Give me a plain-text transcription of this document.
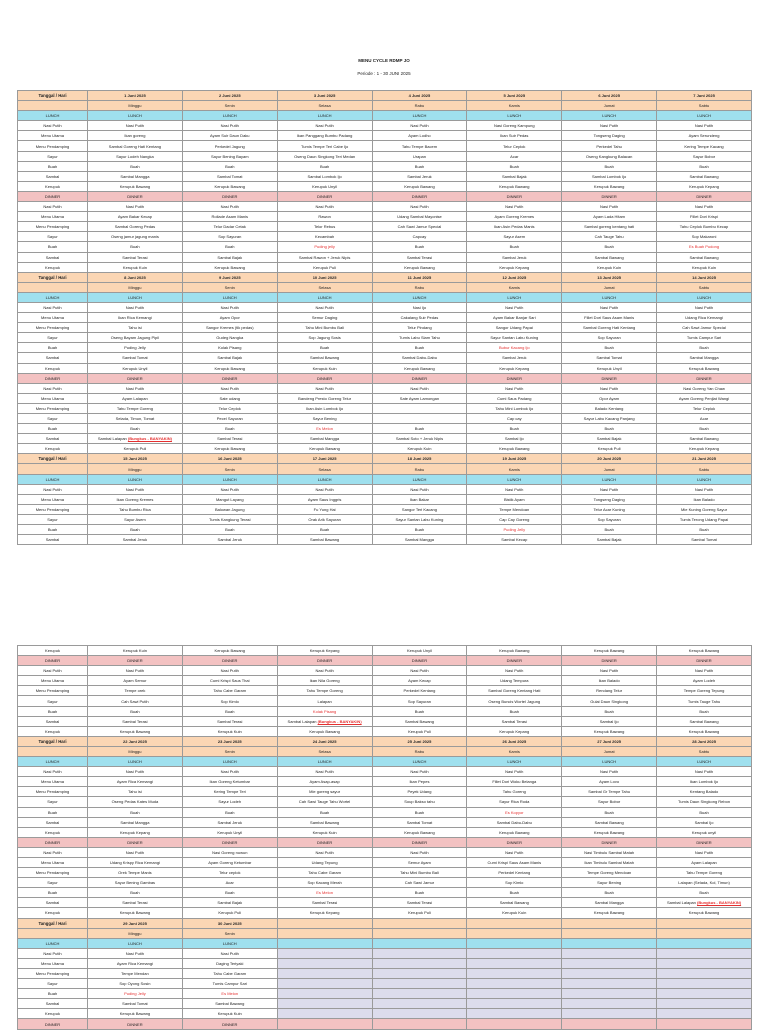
MENU CYCLE RDMP JO
Periode : 1 - 30 JUNI 2025
Tanggal / Hari	1 Juni 2025	2 Juni 2025	3 Juni 2025	4 Juni 2025	5 Juni 2025	6 Juni 2025	7 Juni 2025
	Minggu	Senin	Selasa	Rabu	Kamis	Jumat	Sabtu
LUNCH	LUNCH	LUNCH	LUNCH	LUNCH	LUNCH	LUNCH	LUNCH
Nasi Putih	Nasi Putih	Nasi Putih	Nasi Putih	Nasi Putih	Nasi Goreng Kampung	Nasi Putih	Nasi Putih
Menu Utama	Ikan goreng	Ayam Suir Daun Daku	Ikan Panggang Bumbu Padang	Ayam Lodho	Ikan Suir Pedas	Tongseng Daging	Ayam Serundeng
Menu Pendamping	Sambal Goreng Hati Kentang	Perkedel Jagung	Tumis Tempe Teri Cabe Ijo	Tahu Tempe Bacem	Telur Ceplok	Perkedel Tahu	Kering Tempe Kacang
Sayur	Sayur Lodeh Nangka	Sayur Bening Bayam	Oseng Daun Singkong Teri Medan	Urapan	Acar	Oseng Kangkung Balacan	Sayur Bobor
Buah	Buah	Buah	Buah	Buah	Buah	Buah	Buah
Sambal	Sambal Mangga	Sambal Tomat	Sambal Lombok Ijo	Sambal Jeruk	Sambal Bajak	Sambal Lombok Ijo	Sambal Bawang
Kerupuk	Kerupuk Bawang	Kerupuk Bawang	Kerupuk Unyil	Kerupuk Bawang	Kerupuk Bawang	Kerupuk Bawang	Kerupuk Kepang
DINNER	DINNER	DINNER	DINNER	DINNER	DINNER	DINNER	DINNER
Nasi Putih	Nasi Putih	Nasi Putih	Nasi Putih	Nasi Putih	Nasi Putih	Nasi Putih	Nasi Putih
Menu Utama	Ayam Bakar Kecap	Rollade Asam Manis	Rawon	Udang Sambal Mayonise	Ayam Goreng Kremes	Ayam Lada Hitam	Fillet Dori Krispi
Menu Pendamping	Sambal Goreng Pedas	Telur Dadar Cetak	Telor Rebus	Cah Sawi Jamur Special	Ikan Asin Pedas Manis	Sambal goreng kentang hati	Tahu Ceplok Bumbu Kecap
Sayur	Oseng jamur jagung manis	Sop Sayuran	Kecambah	Capcay	Sayur Asem	Cah Tauge Tahu	Sop Makaroni
Buah	Buah	Buah	Puding jelly	Buah	Buah	Buah	Es Buah Pudong
Sambal	Sambal Terasi	Sambal Bajak	Sambal Rawon + Jeruk Nipis	Sambal Terasi	Sambal Jeruk	Sambal Bawang	Sambal Bawang
Kerupuk	Kerupuk Kuin	Kerupuk Bawang	Kerupuk Puli	Kerupuk Bawang	Kerupuk Kepang	Kerupuk Kuin	Kerupuk Kuin
Tanggal / Hari	8 Juni 2025	9 Juni 2025	10 Juni 2025	11 Juni 2025	12 Juni 2025	13 Juni 2025	14 Juni 2025
	Minggu	Senin	Selasa	Rabu	Kamis	Jumat	Sabtu
LUNCH	LUNCH	LUNCH	LUNCH	LUNCH	LUNCH	LUNCH	LUNCH
Nasi Putih	Nasi Putih	Nasi Putih	Nasi Putih	Nasi Ijo	Nasi Putih	Nasi Putih	Nasi Putih
Menu Utama	Ikan Rica Kemangi	Ayam Opor	Semur Daging	Cakalang Suir Pedas	Ayam Bakar Banjar Sari	Fillet Dori Saus Asam Manis	Udang Rica Kemangi
Menu Pendamping	Tahu isi	Sangor Kremes (tlk pedas)	Tahu Mini Bumbu Bali	Telur Pindang	Sangor Udang Papai	Sambal Goreng Hati Kentang	Cah Sawi Jamur Special
Sayur	Oseng Bayam Jagung Pipil	Gudeg Nangka	Sop Jagung Sosis	Tumis Labu Siam Tahu	Sayur Santan Labu Kuning	Sop Sayuran	Tumis Campur Sari
Buah	Puding Jelly	Kolak Pisang	Buah	Buah	Bubur Kacang Ijo	Buah	Buah
Sambal	Sambal Tomat	Sambal Bajak	Sambal Bawang	Sambal Dabu-Dabu	Sambal Jeruk	Sambal Tomat	Sambal Mangga
Kerupuk	Kerupuk Unyil	Kerupuk Bawang	Kerupuk Kuin	Kerupuk Bawang	Kerupuk Kepang	Kerupuk Unyil	Kerupuk Bawang
DINNER	DINNER	DINNER	DINNER	DINNER	DINNER	DINNER	DINNER
Nasi Putih	Nasi Putih	Nasi Putih	Nasi Putih	Nasi Putih	Nasi Putih	Nasi Putih	Nasi Goreng Yan Chaw
Menu Utama	Ayam Lalapan	Sate udang	Bandeng Presto Goreng Telur	Sate Ayam Lamongan	Cumi Saus Padang	Opor Ayam	Ayam Goreng Penjlat Wangi
Menu Pendamping	Tahu Tempe Goreng	Telur Ceplok	Ikan Asin Lombok Ijo		Tahu Mini Lombok Ijo	Balado Kentang	Telur Ceplok
Sayur	Selada, Timun, Tomat	Pecel Sayuran	Sayur Bening		Cap cay	Sayur Labu Kacang Panjang	Acar
Buah	Buah	Buah	Es Melon	Buah	Buah	Buah	Buah
Sambal	Sambal Lalapan (Bungkus - BANYAKIN)	Sambal Terasi	Sambal Mangga	Sambal Soto + Jeruk Nipis	Sambal Ijo	Sambal Bajak	Sambal Bawang
Kerupuk	Kerupuk Puli	Kerupuk Bawang	Kerupuk Bawang	Kerupuk Kuin	Kerupuk Bawang	Kerupuk Puli	Kerupuk Kepang
Tanggal / Hari	15 Juni 2025	16 Juni 2025	17 Juni 2025	18 Juni 2025	19 Juni 2025	20 Juni 2025	21 Juni 2025
	Minggu	Senin	Selasa	Rabu	Kamis	Jumat	Sabtu
LUNCH	LUNCH	LUNCH	LUNCH	LUNCH	LUNCH	LUNCH	LUNCH
Nasi Putih	Nasi Putih	Nasi Putih	Nasi Putih	Nasi Putih	Nasi Putih	Nasi Putih	Nasi Putih
Menu Utama	Ikan Goreng Kremes	Mangut Layang	Ayam Saus Inggris	Ikan Bakar	Bistik Ayam	Tongseng Daging	Ikan Balado
Menu Pendamping	Tahu Bumbu Rica	Balowan Jagung	Fu Yung Hai	Sangor Teri Kacang	Tempe Mendoan	Telur Acar Kuning	Mie Kuning Goreng Sayur
Sayur	Sayur Asem	Tumis Kangkung Terasi	Orak Arik Sayuran	Sayur Santan Labu Kuning	Cap Cay Goreng	Sop Sayuran	Tumis Terong Udang Papai
Buah	Buah	Buah	Buah	Buah	Puding Jelly	Buah	Buah
Sambal	Sambal Jeruk	Sambal Jeruk	Sambal Bawang	Sambal Mangga	Sambal Kecap	Sambal Bajak	Sambal Tomat
Kerupuk	Kerupuk Kuin	Kerupuk Bawang	Kerupuk Kepang	Kerupuk Unyil	Kerupuk Bawang	Kerupuk Bawang	Kerupuk Bawang
DINNER	DINNER	DINNER	DINNER	DINNER	DINNER	DINNER	DINNER
Nasi Putih	Nasi Putih	Nasi Putih	Nasi Putih	Nasi Putih	Nasi Putih	Nasi Putih	Nasi Putih
Menu Utama	Ayam Semur	Cumi Krispi Saus Thai	Ikan Nila Goreng	Ayam Kecap	Udang Tempura	Ikan Balado	Ayam Lodeh
Menu Pendamping	Tempe orek	Tahu Cabe Garam	Tahu Tempe Goreng	Perkedel Kentang	Sambal Goreng Kentang Hati	Rendang Telur	Tempe Goreng Tepung
Sayur	Cah Sawi Putih	Sop Kimlo	Lalapan	Sop Sayuran	Oseng Buncis Wortel Jagung	Gulai Daun Singkong	Tumis Tauge Tahu
Buah	Buah	Buah	Kolak Pisang	Buah	Buah	Buah	Buah
Sambal	Sambal Terasi	Sambal Terasi	Sambal Lalapan (Bungkus - BANYAKIN)	Sambal Bawang	Sambal Terasi	Sambal Ijo	Sambal Bawang
Kerupuk	Kerupuk Bawang	Kerupuk Kuin	Kerupuk Bawang	Kerupuk Puli	Kerupuk Kepang	Kerupuk Bawang	Kerupuk Bawang
Tanggal / Hari	22 Juni 2025	23 Juni 2025	24 Juni 2025	25 Juni 2025	26 Juni 2025	27 Juni 2025	28 Juni 2025
	Minggu	Senin	Selasa	Rabu	Kamis	Jumat	Sabtu
LUNCH	LUNCH	LUNCH	LUNCH	LUNCH	LUNCH	LUNCH	LUNCH
Nasi Putih	Nasi Putih	Nasi Putih	Nasi Putih	Nasi Putih	Nasi Putih	Nasi Putih	Nasi Putih
Menu Utama	Ayam Rica Kemangi	Ikan Goreng Ketumbar	Ayam Asap-asap	Ikan Pepes	Fillet Dori Woku Belanga	Ayam Lovo	Ikan Lombok Ijo
Menu Pendamping	Tahu isi	Kering Tempe Teri	Mie goreng sayur	Peyek Udang	Tahu Goreng	Sambal Gr Tempe Tahu	Kentang Balado
Sayur	Oseng Pedas Kates Muda	Sayur Lodeh	Cah Sawi Tauge Tahu Wortel	Soup Bakso tahu	Sayur Rica Roda	Sayur Bobor	Tumis Daun Singkong Rebon
Buah	Buah	Buah	Buah	Buah	Es Kopyor	Buah	Buah
Sambal	Sambal Mangga	Sambal Jeruk	Sambal Bawang	Sambal Tomat	Sambal Dabu-Dabu	Sambal Bawang	Sambal Ijo
Kerupuk	Kerupuk Kepang	Kerupuk Unyil	Kerupuk Kuin	Kerupuk Bawang	Kerupuk Bawang	Kerupuk Bawang	Kerupuk unyil
DINNER	DINNER	DINNER	DINNER	DINNER	DINNER	DINNER	DINNER
Nasi Putih	Nasi Putih	Nasi Goreng nuwun	Nasi Putih	Nasi Putih	Nasi Putih	Nasi Timbulu Sambal Matah	Nasi Putih
Menu Utama	Udang Krispy Rica Kemangi	Ayam Goreng Ketumbar	Udang Tepung	Semur Ayam	Cumi Krispi Saus Asam Manis	Ikan Timbulu Sambal Matah	Ayam Lalapan
Menu Pendamping	Orek Tempe Manis	Telur ceplok	Tahu Cabe Garam	Tahu Mini Bumbu Bali	Perkedel Kentang	Tempe Goreng Mendoan	Tahu Tempe Goreng
Sayur	Sayur Bening Gambas	Acar	Sop Kacang Merah	Cah Sawi Jamur	Sop Kimlo	Sayur Bening	Lalapan (Selada, Kol, Timun)
Buah	Buah	Buah	Es Melon	Buah	Buah	Buah	Buah
Sambal	Sambal Terasi	Sambal Bajak	Sambal Terasi	Sambal Terasi	Sambal Bawang	Sambal Mangga	Sambal Lalapan (Bungkus - BANYAKIN)
Kerupuk	Kerupuk Bawang	Kerupuk Puli	Kerupuk Kepang	Kerupuk Puli	Kerupuk Kuin	Kerupuk Bawang	Kerupuk Bawang
Tanggal / Hari	29 Juni 2025	30 Juni 2025					
	Minggu	Senin					
LUNCH	LUNCH	LUNCH					
Nasi Putih	Nasi Putih	Nasi Putih					
Menu Utama	Ayam Rica Kemangi	Daging Teriyaki					
Menu Pendamping	Tempe Mendan	Tahu Cabe Garam					
Sayur	Sop Oyong Sosin	Tumis Campur Sari					
Buah	Puding Jelly	Es Melon					
Sambal	Sambal Tomat	Sambal Bawang					
Kerupuk	Kerupuk Bawang	Kerupuk Kuin					
DINNER	DINNER	DINNER					
